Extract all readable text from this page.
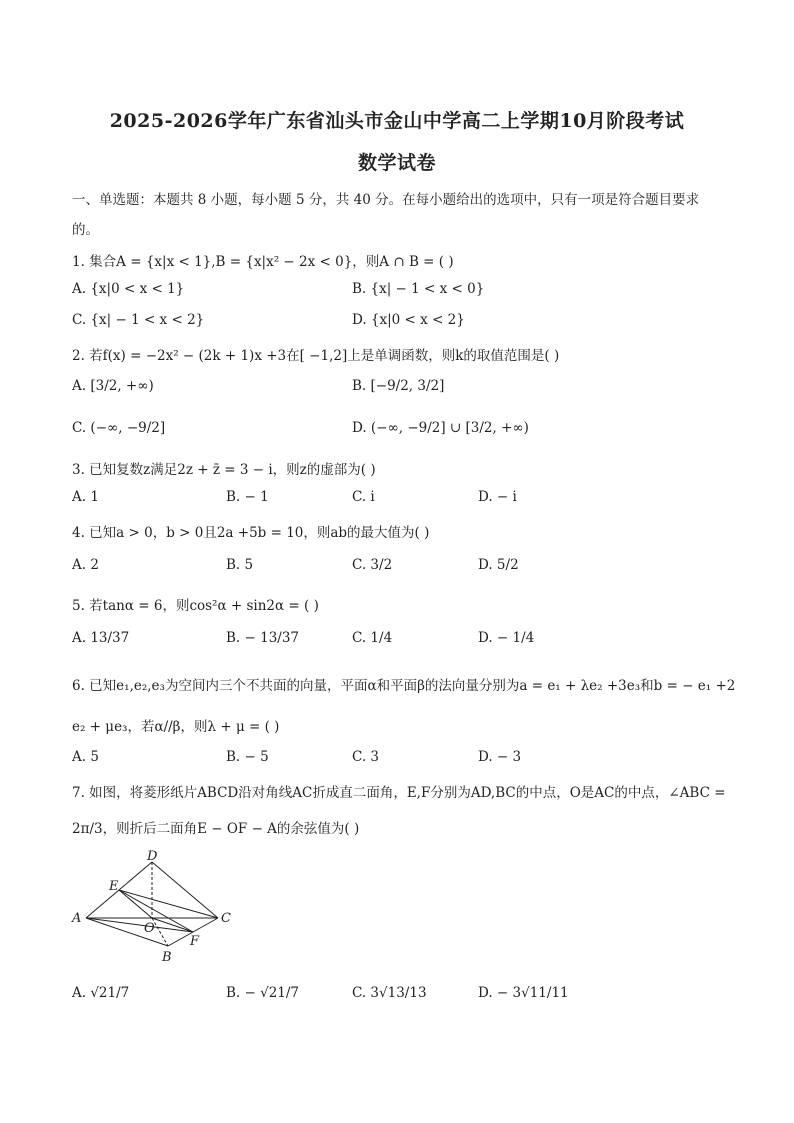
2025-2026学年广东省汕头市金山中学高二上学期10月阶段考试
数学试卷
一、单选题：本题共 8 小题，每小题 5 分，共 40 分。在每小题给出的选项中，只有一项是符合题目要求
的。
1. 集合A = {x|x < 1},B = {x|x² − 2x < 0}，则A ∩ B = ( )
A. {x|0 < x < 1}	B. {x| − 1 < x < 0}
C. {x| − 1 < x < 2}	D. {x|0 < x < 2}
2. 若f(x) = −2x² − (2k + 1)x +3在[ −1,2]上是单调函数，则k的取值范围是( )
A. [3/2, +∞)	B. [−9/2, 3/2]
C. (−∞, −9/2]	D. (−∞, −9/2] ∪ [3/2, +∞)
3. 已知复数z满足2z + z̄ = 3 − i，则z的虚部为( )
A. 1	B. − 1	C. i	D. − i
4. 已知a > 0，b > 0且2a +5b = 10，则ab的最大值为( )
A. 2	B. 5	C. 3/2	D. 5/2
5. 若tanα = 6，则cos²α + sin2α = ( )
A. 13/37	B. − 13/37	C. 1/4	D. − 1/4
6. 已知e₁,e₂,e₃为空间内三个不共面的向量，平面α和平面β的法向量分别为a = e₁ + λe₂ +3e₃和b = − e₁ +2
e₂ + μe₃，若α//β，则λ + μ = ( )
A. 5	B. − 5	C. 3	D. − 3
7. 如图，将菱形纸片ABCD沿对角线AC折成直二面角，E,F分别为AD,BC的中点，O是AC的中点，∠ABC =
2π/3，则折后二面角E − OF − A的余弦值为( )
A
B
C
D
E
F
O
A. √21/7	B. − √21/7	C. 3√13/13	D. − 3√11/11
